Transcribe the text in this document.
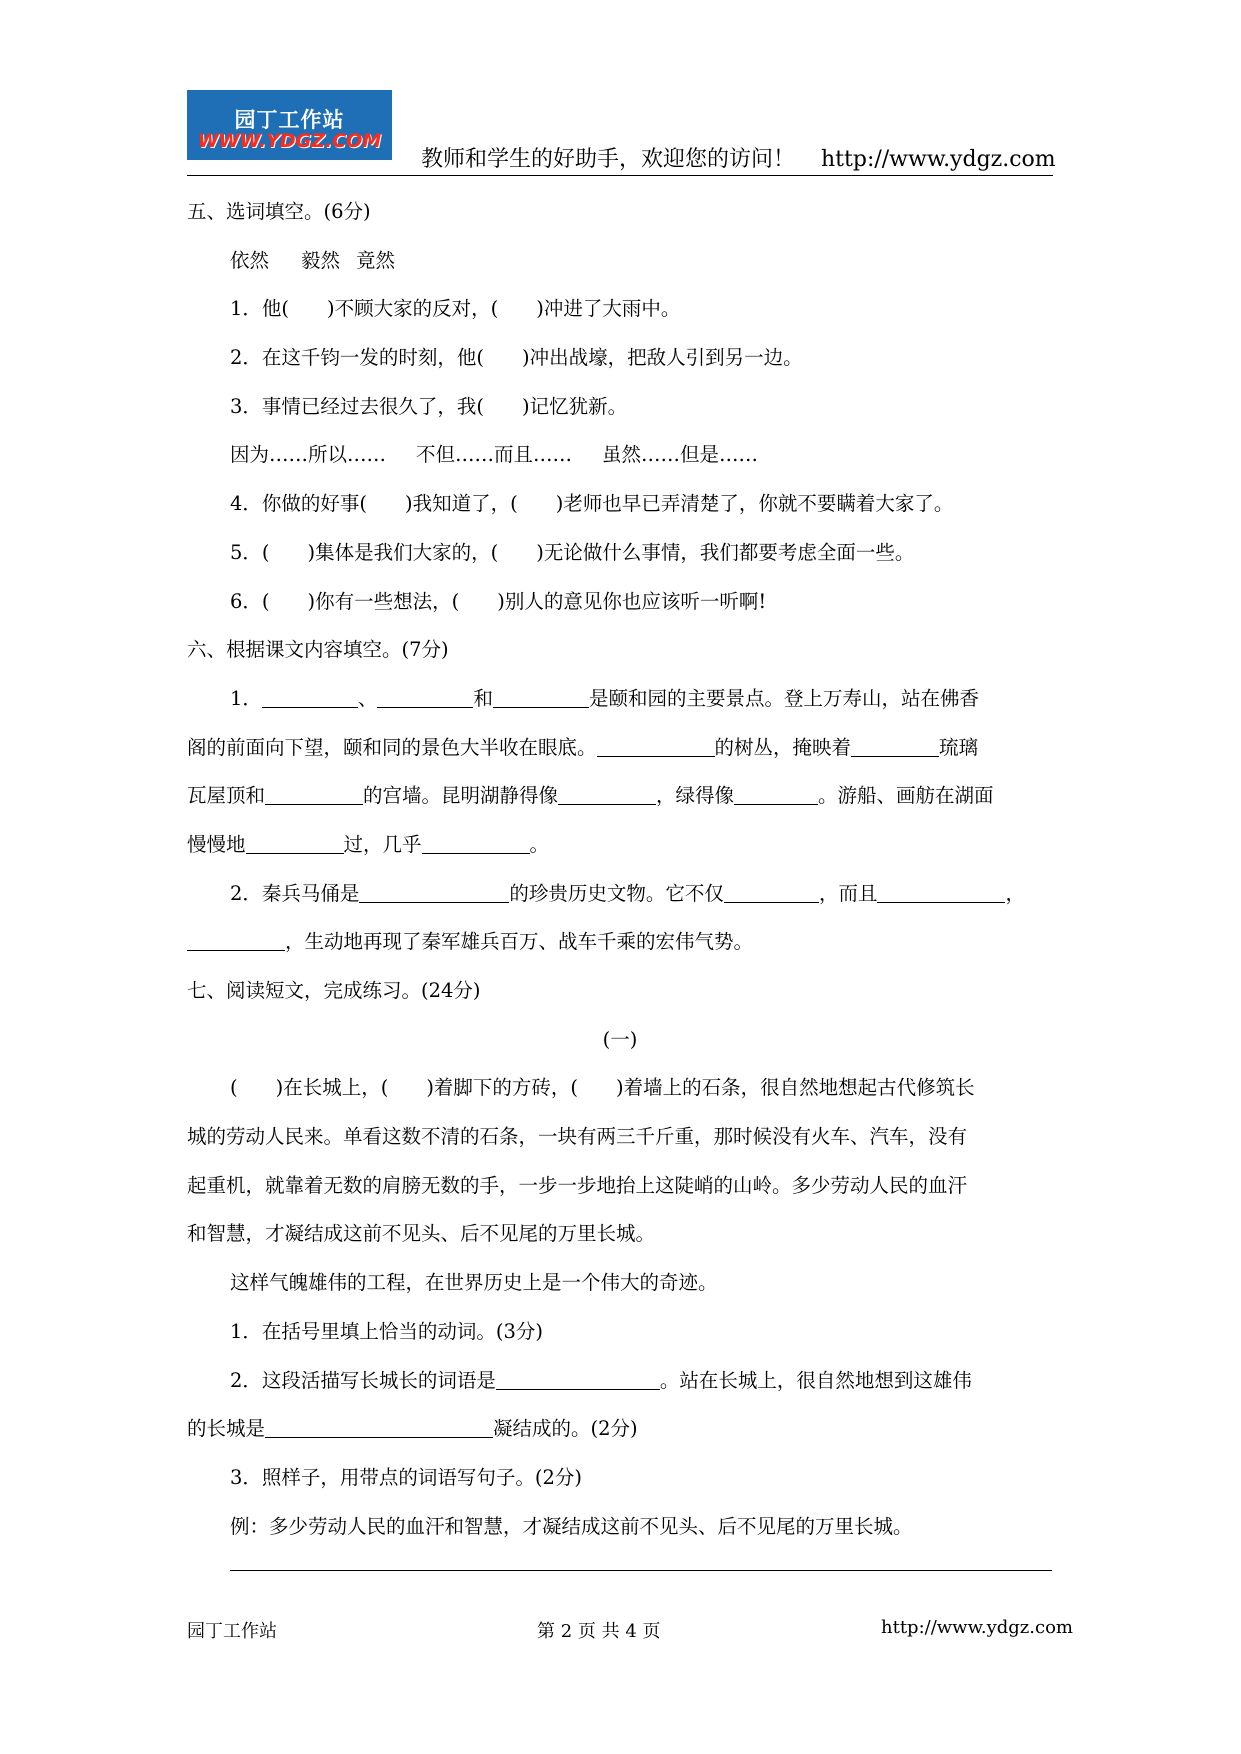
园丁工作站
WWW.YDGZ.COM
教师和学生的好助手，欢迎您的访问！ http://www.ydgz.com
五、选词填空。(6分)
依然 毅然 竟然
1．他( )不顾大家的反对，( )冲进了大雨中。
2．在这千钧一发的时刻，他( )冲出战壕，把敌人引到另一边。
3．事情已经过去很久了，我( )记忆犹新。
因为……所以…… 不但……而且…… 虽然……但是……
4．你做的好事( )我知道了，( )老师也早已弄清楚了，你就不要瞒着大家了。
5．( )集体是我们大家的，( )无论做什么事情，我们都要考虑全面一些。
6．( )你有一些想法，( )别人的意见你也应该听一听啊!
六、根据课文内容填空。(7分)
1．	、	和	是颐和园的主要景点。登上万寿山，站在佛香
阁的前面向下望，颐和同的景色大半收在眼底。	的树丛，掩映着	琉璃
瓦屋顶和	的宫墙。昆明湖静得像	，绿得像	。游船、画舫在湖面
慢慢地	过，几乎	。
2．秦兵马俑是	的珍贵历史文物。它不仅	，而且	，
，生动地再现了秦军雄兵百万、战车千乘的宏伟气势。
七、阅读短文，完成练习。(24分)
(一)
( )在长城上，( )着脚下的方砖，( )着墙上的石条，很自然地想起古代修筑长
城的劳动人民来。单看这数不清的石条，一块有两三千斤重，那时候没有火车、汽车，没有
起重机，就靠着无数的肩膀无数的手，一步一步地抬上这陡峭的山岭。多少劳动人民的血汗
和智慧，才凝结成这前不见头、后不见尾的万里长城。
这样气魄雄伟的工程，在世界历史上是一个伟大的奇迹。
1．在括号里填上恰当的动词。(3分)
2．这段活描写长城长的词语是	。站在长城上，很自然地想到这雄伟
的长城是	凝结成的。(2分)
3．照样子，用带点的词语写句子。(2分)
例：多少劳动人民的血汗和智慧，才凝结成这前不见头、后不见尾的万里长城。
园丁工作站	第 2 页 共 4 页	http://www.ydgz.com
